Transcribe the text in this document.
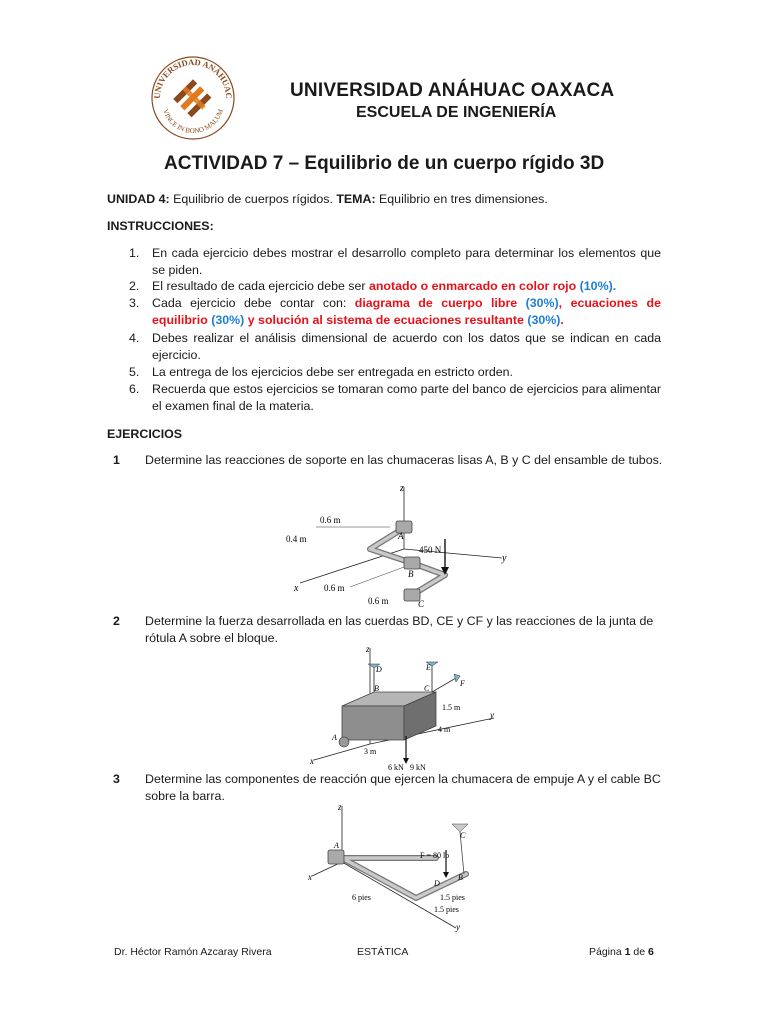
UNIVERSIDAD ANÁHUAC
VINCE IN BONO MALUM
UNIVERSIDAD ANÁHUAC OAXACA
ESCUELA DE INGENIERÍA
ACTIVIDAD 7 – Equilibrio de un cuerpo rígido 3D
UNIDAD 4: Equilibrio de cuerpos rígidos. TEMA: Equilibrio en tres dimensiones.
INSTRUCCIONES:
1. En cada ejercicio debes mostrar el desarrollo completo para determinar los elementos que se piden.
2. El resultado de cada ejercicio debe ser anotado o enmarcado en color rojo (10%).
3. Cada ejercicio debe contar con: diagrama de cuerpo libre (30%), ecuaciones de equilibrio (30%) y solución al sistema de ecuaciones resultante (30%).
4. Debes realizar el análisis dimensional de acuerdo con los datos que se indican en cada ejercicio.
5. La entrega de los ejercicios debe ser entregada en estricto orden.
6. Recuerda que estos ejercicios se tomaran como parte del banco de ejercicios para alimentar el examen final de la materia.
EJERCICIOS
1 Determine las reacciones de soporte en las chumaceras lisas A, B y C del ensamble de tubos.
z
y
x
A
B
C
450 N
0.6 m
0.4 m
0.6 m
0.6 m
2 Determine la fuerza desarrollada en las cuerdas BD, CE y CF y las reacciones de la junta de rótula A sobre el bloque.
z
y
x
D
B
E
C
F
A
1.5 m
4 m
3 m
6 kN 9 kN
3 Determine las componentes de reacción que ejercen la chumacera de empuje A y el cable BC sobre la barra.
z
x
y
A
C
B
D
F = 80 lb
6 pies	1.5 pies
1.5 pies
Dr. Héctor Ramón Azcaray Rivera	ESTÁTICA	Página 1 de 6
